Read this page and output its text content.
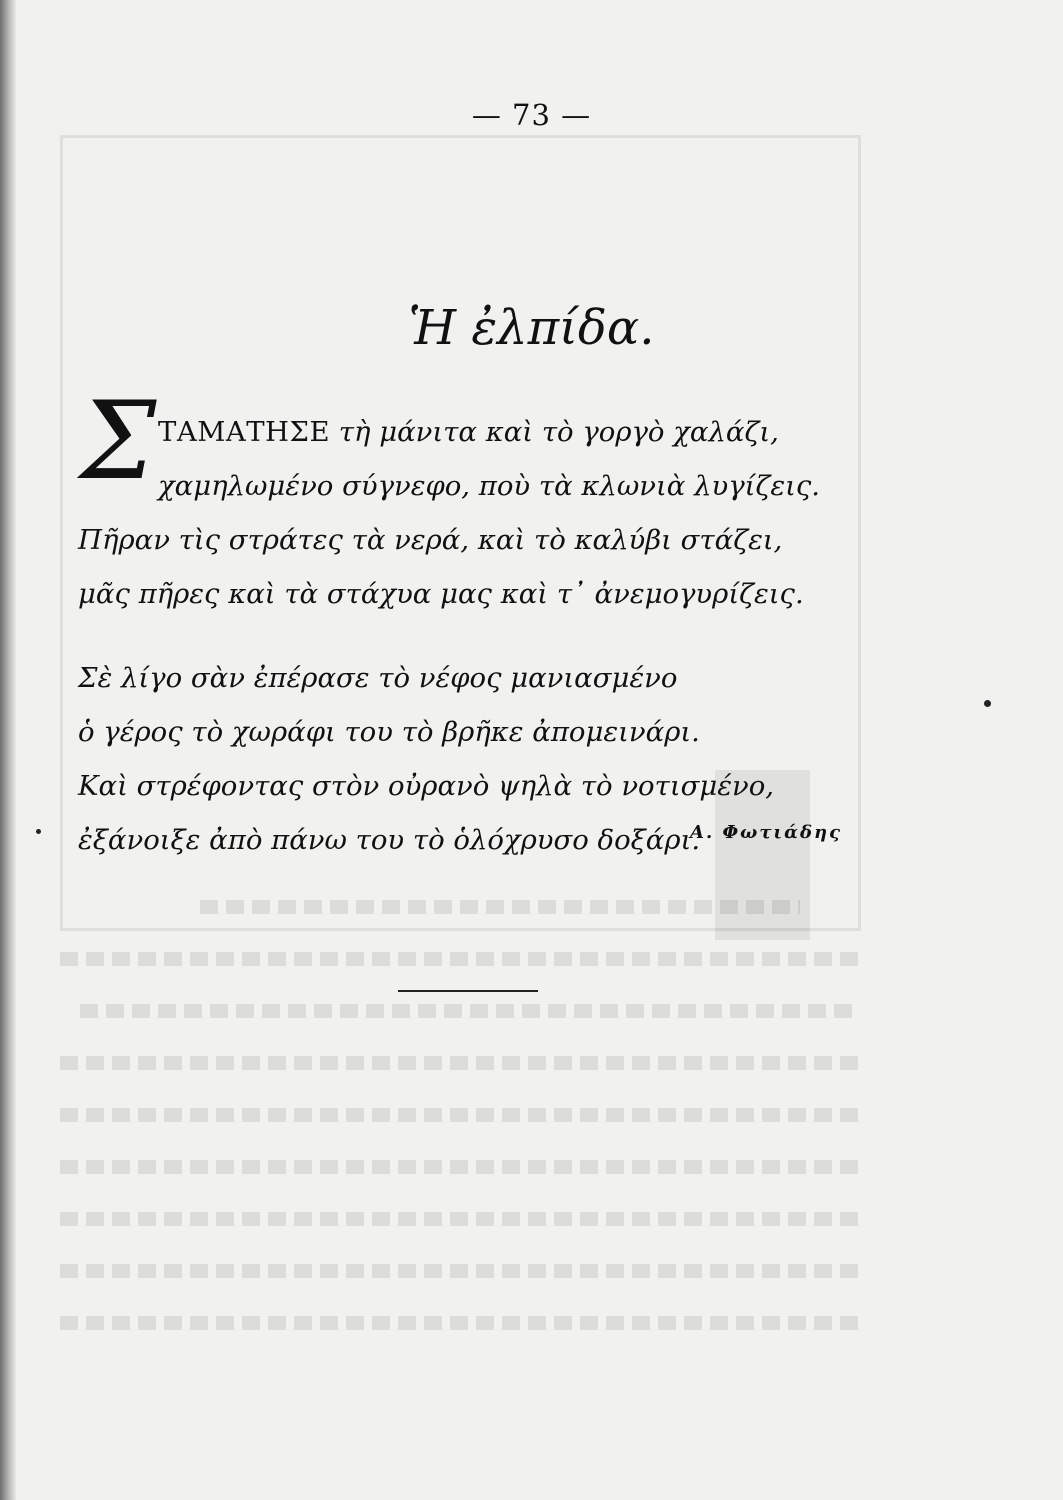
— 73 —
Ἡ ἐλπίδα.
Σ ΤΑΜΑΤΗΣΕ τὴ μάνιτα καὶ τὸ γοργὸ χαλάζι,
χαμηλωμένο σύγνεφο, ποὺ τὰ κλωνιὰ λυγίζεις.
Πῆραν τὶς στράτες τὰ νερά, καὶ τὸ καλύβι στάζει,
μᾶς πῆρες καὶ τὰ στάχυα μας καὶ τ᾽ ἀνεμογυρίζεις.
Σὲ λίγο σὰν ἐπέρασε τὸ νέφος μανιασμένο
ὁ γέρος τὸ χωράφι του τὸ βρῆκε ἀπομεινάρι.
Καὶ στρέφοντας στὸν οὐρανὸ ψηλὰ τὸ νοτισμένο,
ἐξάνοιξε ἀπὸ πάνω του τὸ ὁλόχρυσο δοξάρι.
Α. Φωτιάδης
